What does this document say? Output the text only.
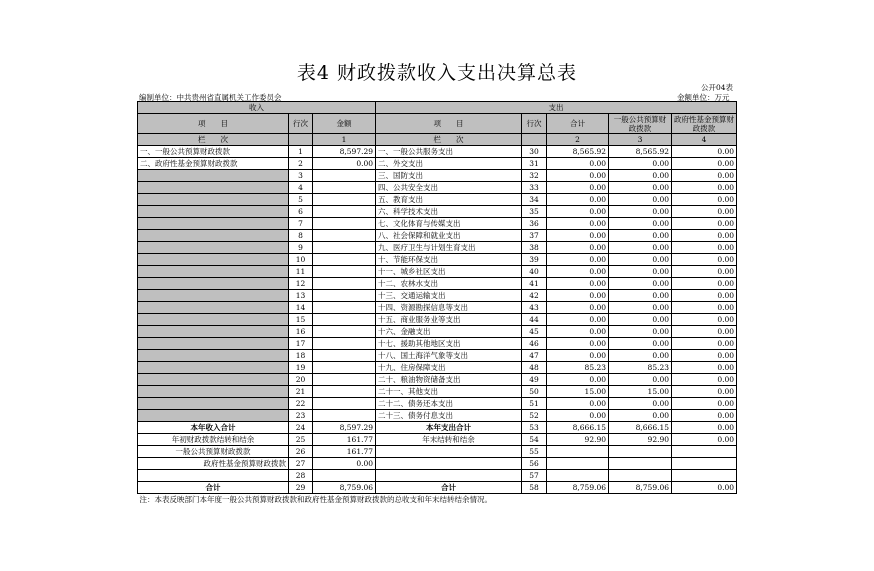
表4 财政拨款收入支出决算总表
公开04表
编制单位：中共贵州省直属机关工作委员会	金额单位：万元
收入			支出				
项　　目	行次	金额	项　　目	行次	合计	一般公共预算财政拨款	政府性基金预算财政拨款
栏　　次		1	栏　　次		2	3	4
一、一般公共预算财政拨款	1	8,597.29	一、一般公共服务支出	30	8,565.92	8,565.92	0.00
二、政府性基金预算财政拨款	2	0.00	二、外交支出	31	0.00	0.00	0.00
	3		三、国防支出	32	0.00	0.00	0.00
	4		四、公共安全支出	33	0.00	0.00	0.00
	5		五、教育支出	34	0.00	0.00	0.00
	6		六、科学技术支出	35	0.00	0.00	0.00
	7		七、文化体育与传媒支出	36	0.00	0.00	0.00
	8		八、社会保障和就业支出	37	0.00	0.00	0.00
	9		九、医疗卫生与计划生育支出	38	0.00	0.00	0.00
	10		十、节能环保支出	39	0.00	0.00	0.00
	11		十一、城乡社区支出	40	0.00	0.00	0.00
	12		十二、农林水支出	41	0.00	0.00	0.00
	13		十三、交通运输支出	42	0.00	0.00	0.00
	14		十四、资源勘探信息等支出	43	0.00	0.00	0.00
	15		十五、商业服务业等支出	44	0.00	0.00	0.00
	16		十六、金融支出	45	0.00	0.00	0.00
	17		十七、援助其他地区支出	46	0.00	0.00	0.00
	18		十八、国土海洋气象等支出	47	0.00	0.00	0.00
	19		十九、住房保障支出	48	85.23	85.23	0.00
	20		二十、粮油物资储备支出	49	0.00	0.00	0.00
	21		二十一、其他支出	50	15.00	15.00	0.00
	22		二十二、债务还本支出	51	0.00	0.00	0.00
	23		二十三、债务付息支出	52	0.00	0.00	0.00
本年收入合计	24	8,597.29	本年支出合计	53	8,666.15	8,666.15	0.00
年初财政拨款结转和结余	25	161.77	年末结转和结余	54	92.90	92.90	0.00
一般公共预算财政拨款	26	161.77		55			
政府性基金预算财政拨款	27	0.00		56			
	28			57			
合计	29	8,759.06	合计	58	8,759.06	8,759.06	0.00
注：本表反映部门本年度一般公共预算财政拨款和政府性基金预算财政拨款的总收支和年末结转结余情况。							
